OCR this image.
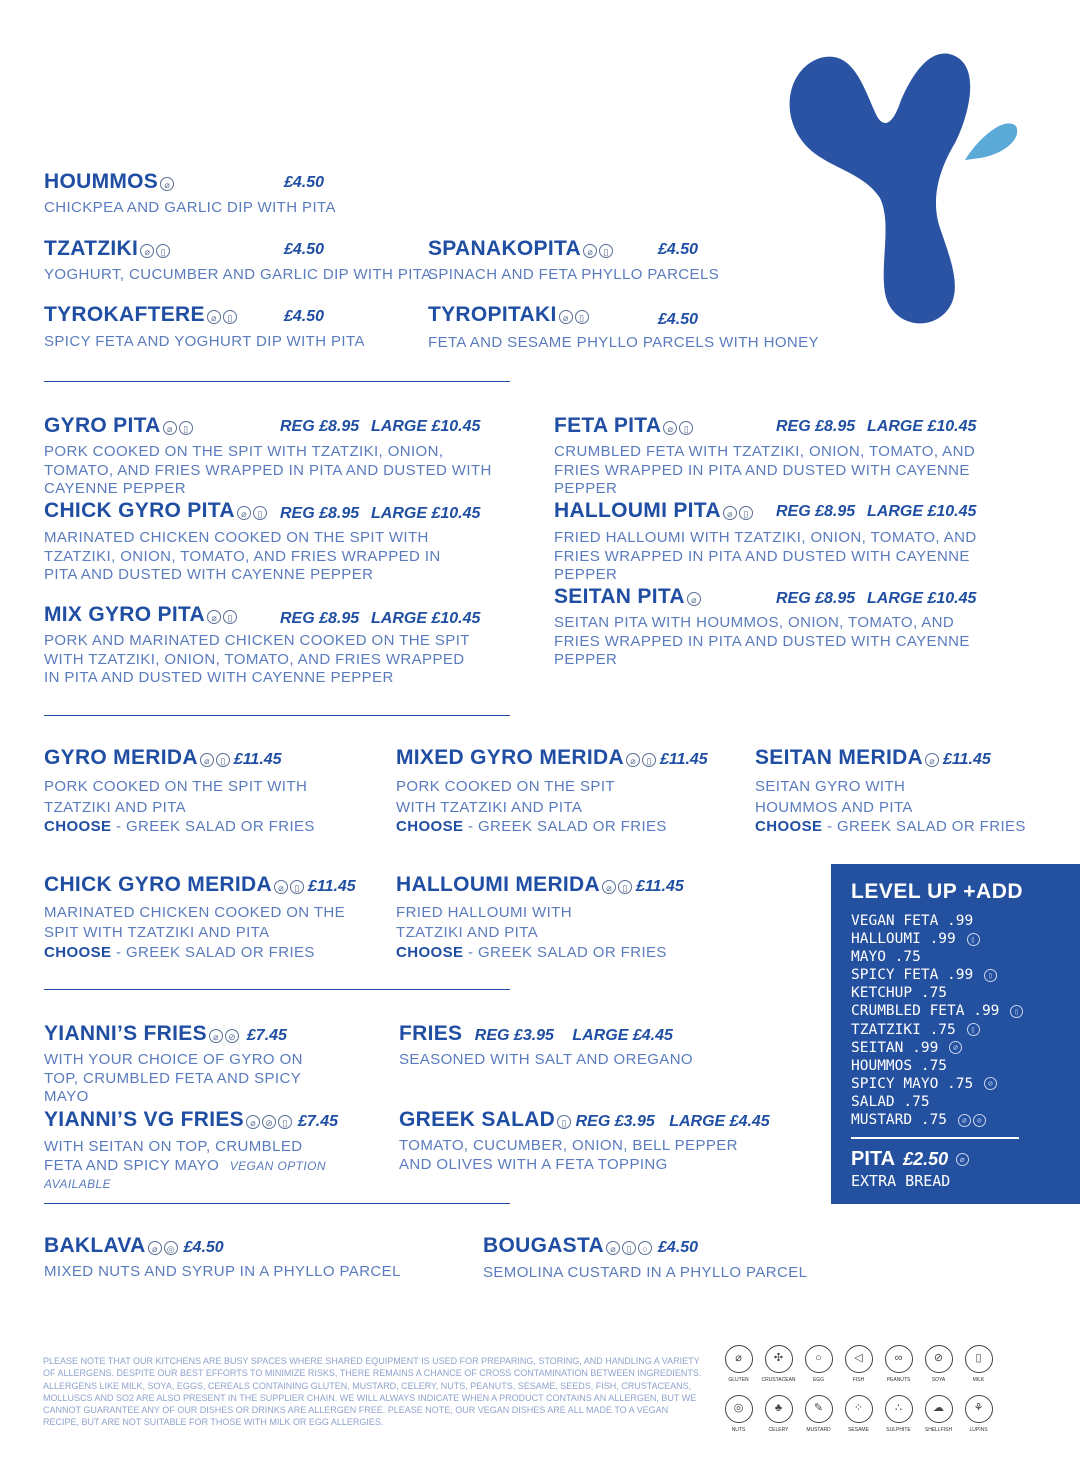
HOUMMOS ⌀	£4.50
CHICKPEA AND GARLIC DIP WITH PITA
TZATZIKI ⌀ ▯	£4.50
YOGHURT, CUCUMBER AND GARLIC DIP WITH PITA
TYROKAFTERE ⌀ ▯	£4.50
SPICY FETA AND YOGHURT DIP WITH PITA
SPANAKOPITA ⌀ ▯	£4.50
SPINACH AND FETA PHYLLO PARCELS
TYROPITAKI ⌀ ▯	£4.50
FETA AND SESAME PHYLLO PARCELS WITH HONEY
GYRO PITA ⌀ ▯	REG £8.95 LARGE £10.45
PORK COOKED ON THE SPIT WITH TZATZIKI, ONION, TOMATO, AND FRIES WRAPPED IN PITA AND DUSTED WITH CAYENNE PEPPER
CHICK GYRO PITA ⌀ ▯ REG £8.95 LARGE £10.45
MARINATED CHICKEN COOKED ON THE SPIT WITH TZATZIKI, ONION, TOMATO, AND FRIES WRAPPED IN PITA AND DUSTED WITH CAYENNE PEPPER
MIX GYRO PITA ⌀ ▯	REG £8.95 LARGE £10.45
PORK AND MARINATED CHICKEN COOKED ON THE SPIT WITH TZATZIKI, ONION, TOMATO, AND FRIES WRAPPED IN PITA AND DUSTED WITH CAYENNE PEPPER
FETA PITA ⌀ ▯	REG £8.95 LARGE £10.45
CRUMBLED FETA WITH TZATZIKI, ONION, TOMATO, AND FRIES WRAPPED IN PITA AND DUSTED WITH CAYENNE PEPPER
HALLOUMI PITA ⌀ ▯ REG £8.95 LARGE £10.45
FRIED HALLOUMI WITH TZATZIKI, ONION, TOMATO, AND FRIES WRAPPED IN PITA AND DUSTED WITH CAYENNE PEPPER
SEITAN PITA ⌀	REG £8.95 LARGE £10.45
SEITAN PITA WITH HOUMMOS, ONION, TOMATO, AND FRIES WRAPPED IN PITA AND DUSTED WITH CAYENNE PEPPER
GYRO MERIDA ⌀ ▯ £11.45
PORK COOKED ON THE SPIT WITH
TZATZIKI AND PITA
CHOOSE - GREEK SALAD OR FRIES
MIXED GYRO MERIDA ⌀ ▯ £11.45
PORK COOKED ON THE SPIT
WITH TZATZIKI AND PITA
CHOOSE - GREEK SALAD OR FRIES
SEITAN MERIDA ⌀ £11.45
SEITAN GYRO WITH
HOUMMOS AND PITA
CHOOSE - GREEK SALAD OR FRIES
CHICK GYRO MERIDA ⌀ ▯ £11.45
MARINATED CHICKEN COOKED ON THE
SPIT WITH TZATZIKI AND PITA
CHOOSE - GREEK SALAD OR FRIES
HALLOUMI MERIDA ⌀ ▯ £11.45
FRIED HALLOUMI WITH
TZATZIKI AND PITA
CHOOSE - GREEK SALAD OR FRIES
YIANNI’S FRIES ⌀ ⊘ £7.45
WITH YOUR CHOICE OF GYRO ON TOP, CRUMBLED FETA AND SPICY MAYO
YIANNI’S VG FRIES ⌀ ⊘ ▯ £7.45
WITH SEITAN ON TOP, CRUMBLED FETA AND SPICY MAYO VEGAN OPTION AVAILABLE
FRIES REG £3.95 LARGE £4.45
SEASONED WITH SALT AND OREGANO
GREEK SALAD ▯ REG £3.95 LARGE £4.45
TOMATO, CUCUMBER, ONION, BELL PEPPER AND OLIVES WITH A FETA TOPPING
BAKLAVA ⌀ ◎ £4.50
MIXED NUTS AND SYRUP IN A PHYLLO PARCEL
BOUGASTA ⌀ ▯ ○ £4.50
SEMOLINA CUSTARD IN A PHYLLO PARCEL
LEVEL UP +ADD
VEGAN FETA .99
HALLOUMI .99 ▯
MAYO .75
SPICY FETA .99 ▯
KETCHUP .75
CRUMBLED FETA .99 ▯
TZATZIKI .75 ▯
SEITAN .99 ⌀
HOUMMOS .75
SPICY MAYO .75 ⊘
SALAD .75
MUSTARD .75 ⌀ ⊘
PITA £2.50 ⌀
EXTRA BREAD
PLEASE NOTE THAT OUR KITCHENS ARE BUSY SPACES WHERE SHARED EQUIPMENT IS USED FOR PREPARING, STORING, AND HANDLING A VARIETY OF ALLERGENS. DESPITE OUR BEST EFFORTS TO MINIMIZE RISKS, THERE REMAINS A CHANCE OF CROSS CONTAMINATION BETWEEN INGREDIENTS. ALLERGENS LIKE MILK, SOYA, EGGS, CEREALS CONTAINING GLUTEN, MUSTARD, CELERY, NUTS, PEANUTS, SESAME, SEEDS, FISH, CRUSTACEANS, MOLLUSCS AND SO2 ARE ALSO PRESENT IN THE SUPPLIER CHAIN. WE WILL ALWAYS INDICATE WHEN A PRODUCT CONTAINS AN ALLERGEN, BUT WE CANNOT GUARANTEE ANY OF OUR DISHES OR DRINKS ARE ALLERGEN FREE. PLEASE NOTE, OUR VEGAN DISHES ARE ALL MADE TO A VEGAN RECIPE, BUT ARE NOT SUITABLE FOR THOSE WITH MILK OR EGG ALLERGIES.
⌀
GLUTEN
✣
CRUSTACEAN
○
EGG
◁
FISH
∞
PEANUTS
⊘
SOYA
▯
MILK
◎
NUTS
♣
CELERY
✎
MUSTARD
⁘
SESAME
∴
SULPHITE
☁
SHELLFISH
⚘
LUPINS
